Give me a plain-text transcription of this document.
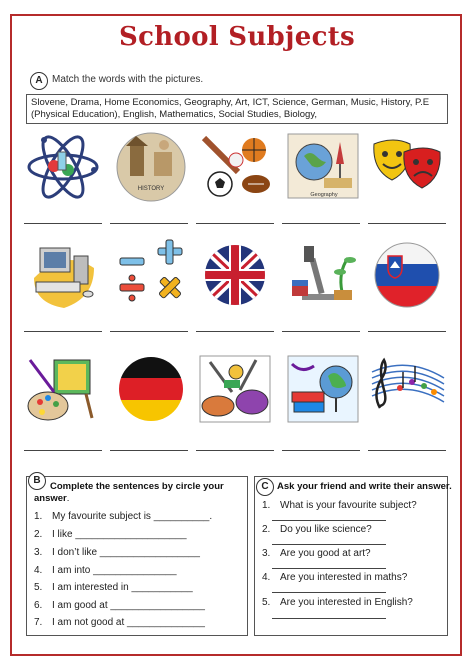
School Subjects
A Match the words with the pictures.
Slovene, Drama, Home Economics, Geography, Art, ICT, Science, German, Music, History, P.E (Physical Education), English, Mathematics, Social Studies, Biology,
HISTORY
Geography
B
Complete the sentences by circle your
answer.
1. My favourite subject is __________.
2. I like ____________________
3. I don’t like __________________
4. I am into _______________
5. I am interested in ___________
6. I am good at _________________
7. I am not good at ______________
C Ask your friend and write their answer.
1. What is your favourite subject?
2. Do you like science?
3. Are you good at art?
4. Are you interested in maths?
5. Are you interested in English?
